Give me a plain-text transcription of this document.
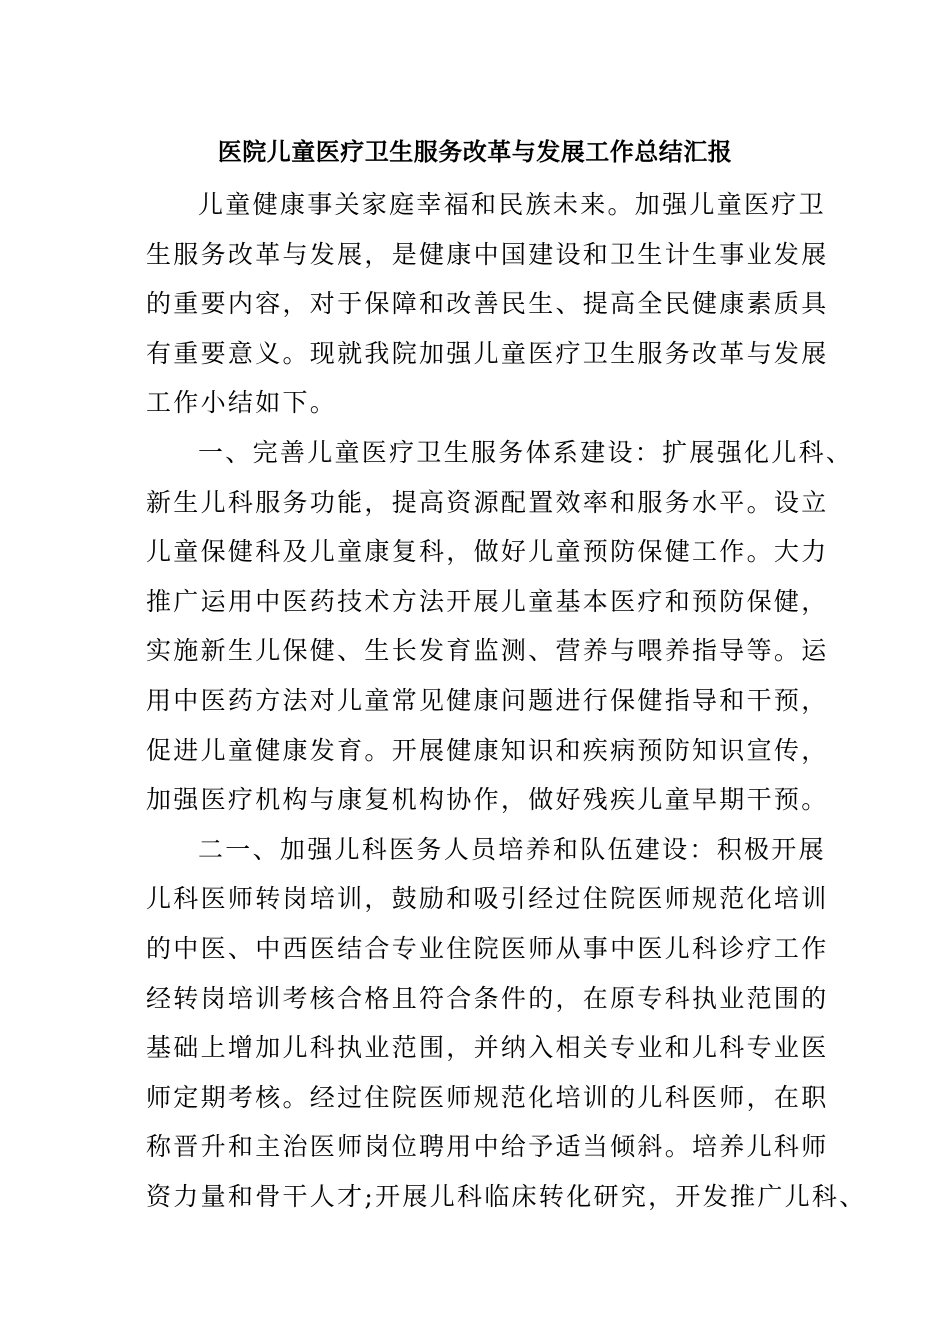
医院儿童医疗卫生服务改革与发展工作总结汇报
儿童健康事关家庭幸福和民族未来。加强儿童医疗卫
生服务改革与发展，是健康中国建设和卫生计生事业发展
的重要内容，对于保障和改善民生、提高全民健康素质具
有重要意义。现就我院加强儿童医疗卫生服务改革与发展
工作小结如下。
一、完善儿童医疗卫生服务体系建设：扩展强化儿科、
新生儿科服务功能，提高资源配置效率和服务水平。设立
儿童保健科及儿童康复科，做好儿童预防保健工作。大力
推广运用中医药技术方法开展儿童基本医疗和预防保健，
实施新生儿保健、生长发育监测、营养与喂养指导等。运
用中医药方法对儿童常见健康问题进行保健指导和干预，
促进儿童健康发育。开展健康知识和疾病预防知识宣传，
加强医疗机构与康复机构协作，做好残疾儿童早期干预。
二一、加强儿科医务人员培养和队伍建设：积极开展
儿科医师转岗培训，鼓励和吸引经过住院医师规范化培训
的中医、中西医结合专业住院医师从事中医儿科诊疗工作
经转岗培训考核合格且符合条件的，在原专科执业范围的
基础上增加儿科执业范围，并纳入相关专业和儿科专业医
师定期考核。经过住院医师规范化培训的儿科医师，在职
称晋升和主治医师岗位聘用中给予适当倾斜。培养儿科师
资力量和骨干人才;开展儿科临床转化研究，开发推广儿科、
